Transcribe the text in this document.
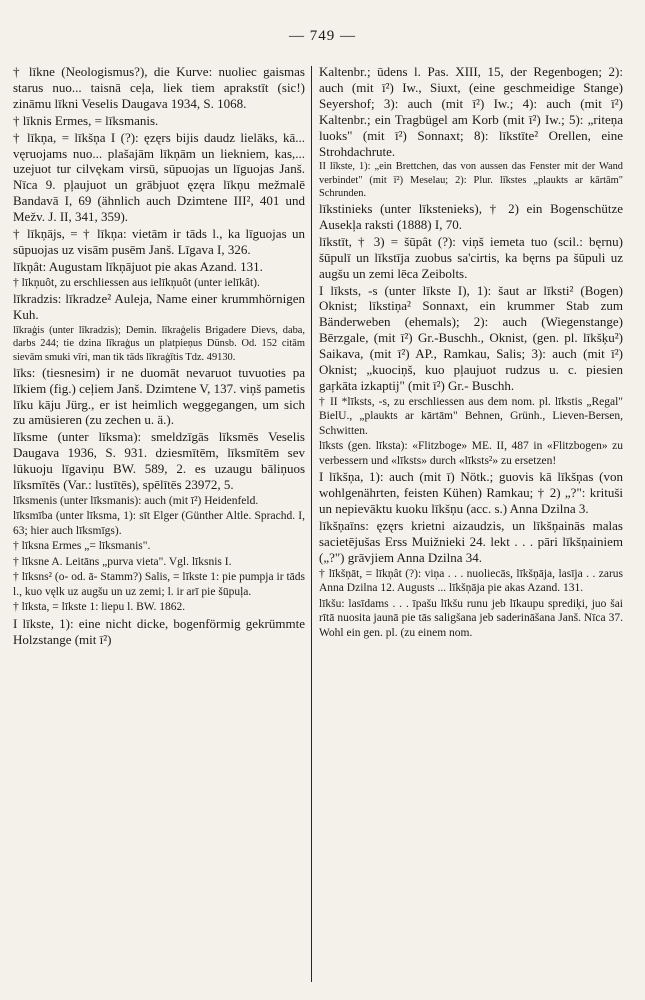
— 749 —

† līkne (Neologismus?), die Kurve: nuoliec gaismas starus nuo... taisnā ceļa, liek tiem aprakstīt (sic!) zināmu līkni Veselis Daugava 1934, S. 1068.

† līknis Ermes, = līksmanis.

† līkņa, = līkšņa I (?): ęzęrs bijis daudz lielāks, kā... vęruojams nuo... plašajām līkņām un liekniem, kas,... uzejuot tur cilvękam virsū, sūpuojas un līguojas Janš. Nīca 9. pļaujuot un grābjuot ęzęra līkņu mežmalē Bandavā I, 69 (ähnlich auch Dzimtene III², 401 und Mežv. J. II, 341, 359).

† līkņājs, = † līkņa: vietām ir tāds l., ka līguojas un sūpuojas uz visām pusēm Janš. Līgava I, 326.

līkņât: Augustam līkņājuot pie akas Azand. 131.

† līkņuôt, zu erschliessen aus ielīkņuôt (unter ielīkât).

līkradzis: līkradze² Auleja, Name einer krummhörnigen Kuh.

līkraģis (unter līkradzis); Demin. līkraģelis Brigadere Dievs, daba, darbs 244; tie dzina līkraģus un platpieņus Dünsb. Od. 152 citām sievām smuki vīri, man tik tāds līkraģītis Tdz. 49130.

līks: (tiesnesim) ir ne duomāt nevaruot tuvuoties pa līkiem (fig.) ceļiem Janš. Dzimtene V, 137. viņš pametis līku kāju Jürg., er ist heimlich weggegangen, um sich zu amüsieren (zu zechen u. ä.).

līksme (unter līksma): smeldzīgās līksmēs Veselis Daugava 1936, S. 931. dziesmītēm, līksmītēm sev lūkuoju līgaviņu BW. 589, 2. es uzaugu bāliņuos līksmītēs (Var.: lustītēs), spēlītēs 23972, 5.

līksmenis (unter līksmanis): auch (mit ī²) Heidenfeld.

līksmība (unter līksma, 1): sīt Elger (Günther Altle. Sprachd. I, 63; hier auch līksmīgs).

† līksna Ermes „= līksmanis".

† līksne A. Leitāns „purva vieta". Vgl. līksnis I.

† līksns² (o- od. ā- Stamm?) Salis, = līkste 1: pie pumpja ir tāds l., kuo vęlk uz augšu un uz zemi; l. ir arī pie šūpuļa.

† līksta, = līkste 1: liepu l. BW. 1862.

I līkste, 1): eine nicht dicke, bogenförmig gekrümmte Holzstange (mit ī²)

Kaltenbr.; ūdens l. Pas. XIII, 15, der Regenbogen; 2): auch (mit ī²) Iw., Siuxt, (eine geschmeidige Stange) Seyershof; 3): auch (mit ī²) Iw.; 4): auch (mit ī²) Kaltenbr.; ein Tragbügel am Korb (mit ī²) Iw.; 5): „riteņa luoks" (mit ī²) Sonnaxt; 8): līkstīte² Orellen, eine Strohdachrute.

II līkste, 1): „ein Brettchen, das von aussen das Fenster mit der Wand verbindet" (mit ī²) Meselau; 2): Plur. līkstes „plaukts ar kārtām" Schrunden.

līkstinieks (unter līkstenieks), † 2) ein Bogenschütze Ausekļa raksti (1888) I, 70.

līkstīt, † 3) = šūpât (?): viņš iemeta tuo (scil.: bęrnu) šūpulī un līkstīja zuobus sa'cirtis, ka bęrns pa šūpuli uz augšu un zemi lēca Zeibolts.

I līksts, -s (unter līkste I), 1): šaut ar līksti² (Bogen) Oknist; līkstiņa² Sonnaxt, ein krummer Stab zum Bänderweben (ehemals); 2): auch (Wiegenstange) Bērzgale, (mit ī²) Gr.-Buschh., Oknist, (gen. pl. līkšķu²) Saikava, (mit ī²) AP., Ramkau, Salis; 3): auch (mit ī²) Oknist; „kuociņš, kuo pļaujuot rudzus u. c. piesien gaŗkāta izkaptij" (mit ī²) Gr.- Buschh.

† II *līksts, -s, zu erschliessen aus dem nom. pl. līkstis „Regal" BielU., „plaukts ar kārtām" Behnen, Grünh., Lieven-Bersen, Schwitten.

līksts (gen. līksta): «Flitzboge» ME. II, 487 in «Flitzbogen» zu verbessern und «līksts» durch «līksts²» zu ersetzen!

I līkšņa, 1): auch (mit ī) Nötk.; guovis kā līkšņas (von wohlgenährten, feisten Kühen) Ramkau; † 2) „?": krituši un nepievāktu kuoku līkšņu (acc. s.) Anna Dzilna 3.

līkšņaīns: ęzęrs krietni aizaudzis, un līkšņainās malas sacietējušas Erss Muižnieki 24. lekt . . . pāri līkšņainiem („?") grāvjiem Anna Dzilna 34.

† līkšņāt, = līkņât (?): viņa . . . nuoliecās, līkšņāja, lasīja . . zarus Anna Dzilna 12. Augusts ... līkšņāja pie akas Azand. 131.

līkšu: lasīdams . . . īpašu līkšu runu jeb līkaupu sprediķi, juo šai rītā nuosita jaunā pie tās saligšana jeb saderināšana Janš. Nīca 37. Wohl ein gen. pl. (zu einem nom.
